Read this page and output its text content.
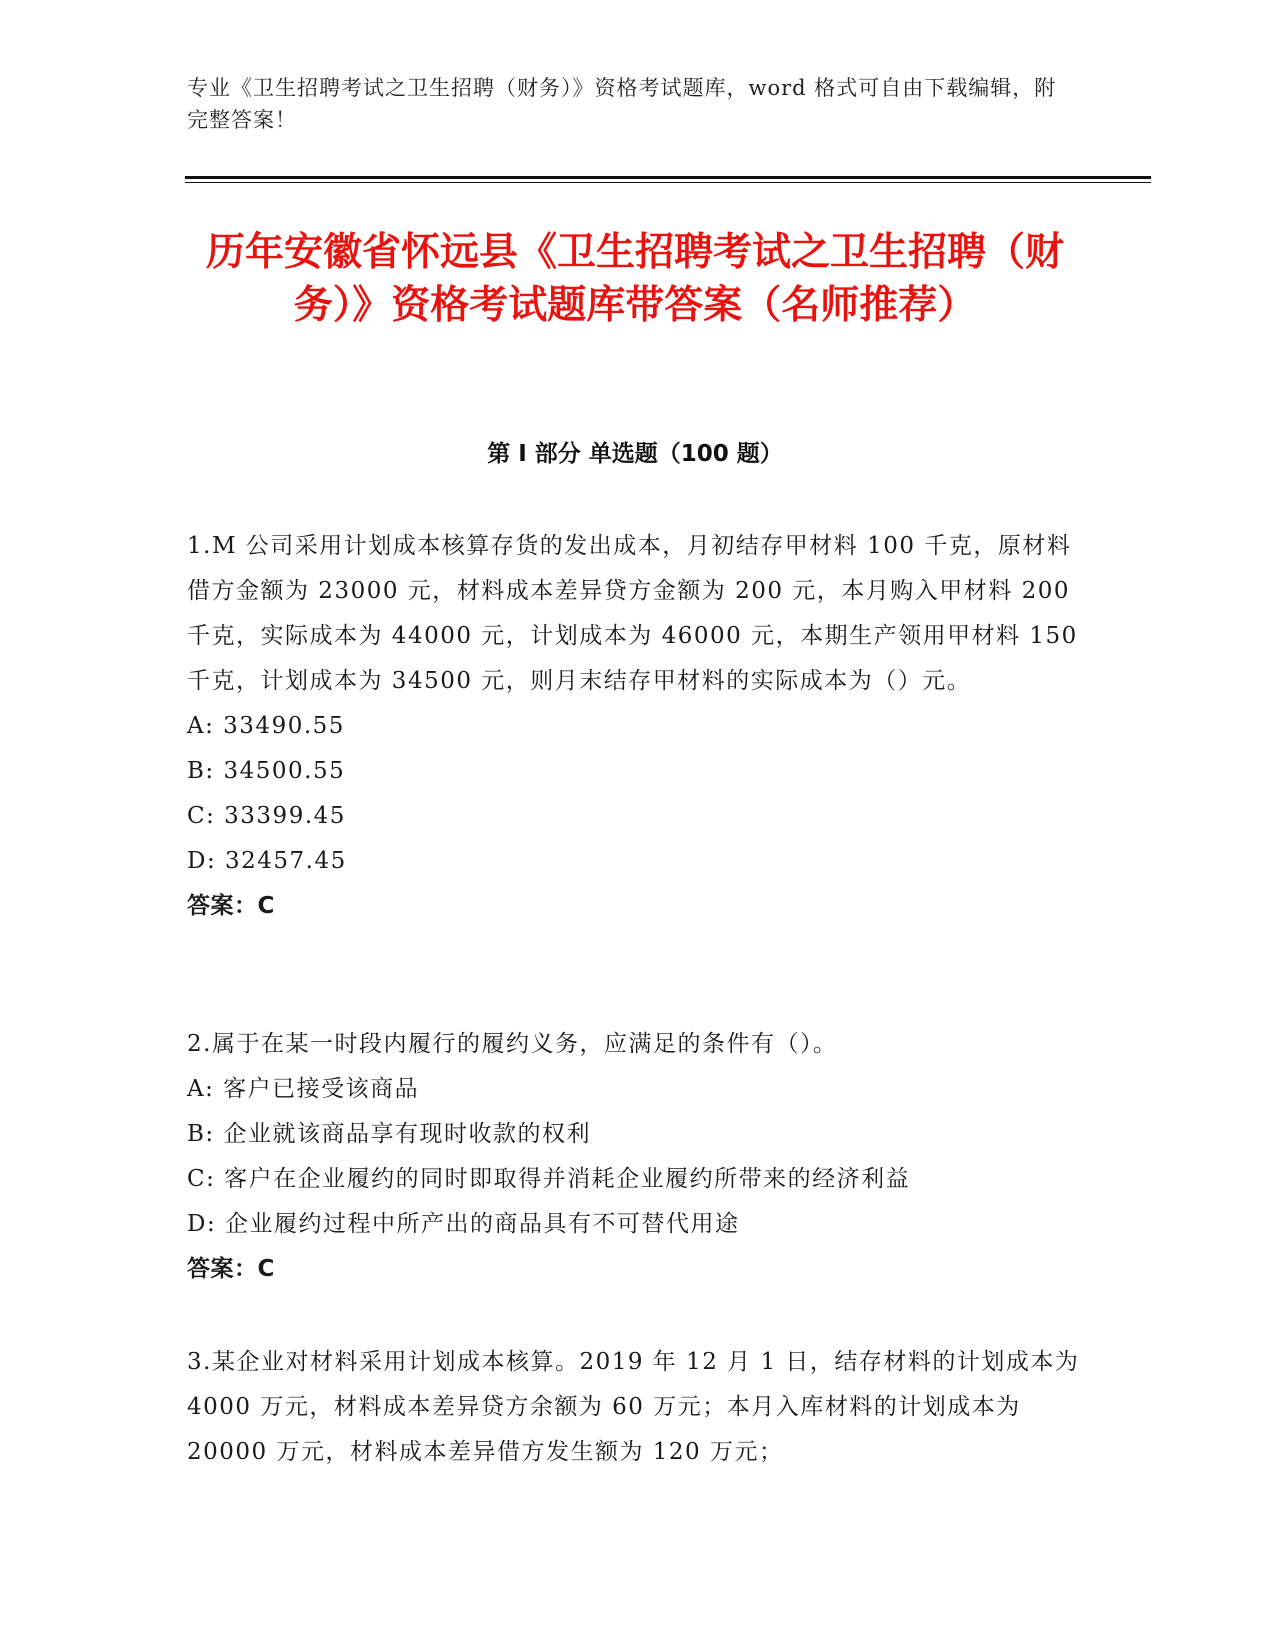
专业《卫生招聘考试之卫生招聘（财务）》资格考试题库，word 格式可自由下载编辑，附完整答案！
历年安徽省怀远县《卫生招聘考试之卫生招聘（财务）》资格考试题库带答案（名师推荐）
第 I 部分 单选题（100 题）
1.M 公司采用计划成本核算存货的发出成本，月初结存甲材料 100 千克，原材料借方金额为 23000 元，材料成本差异贷方金额为 200 元，本月购入甲材料 200 千克，实际成本为 44000 元，计划成本为 46000 元，本期生产领用甲材料 150 千克，计划成本为 34500 元，则月末结存甲材料的实际成本为（）元。
A: 33490.55
B: 34500.55
C: 33399.45
D: 32457.45
答案：C
2.属于在某一时段内履行的履约义务，应满足的条件有（）。
A: 客户已接受该商品
B: 企业就该商品享有现时收款的权利
C: 客户在企业履约的同时即取得并消耗企业履约所带来的经济利益
D: 企业履约过程中所产出的商品具有不可替代用途
答案：C
3.某企业对材料采用计划成本核算。2019 年 12 月 1 日，结存材料的计划成本为 4000 万元，材料成本差异贷方余额为 60 万元；本月入库材料的计划成本为 20000 万元，材料成本差异借方发生额为 120 万元；
